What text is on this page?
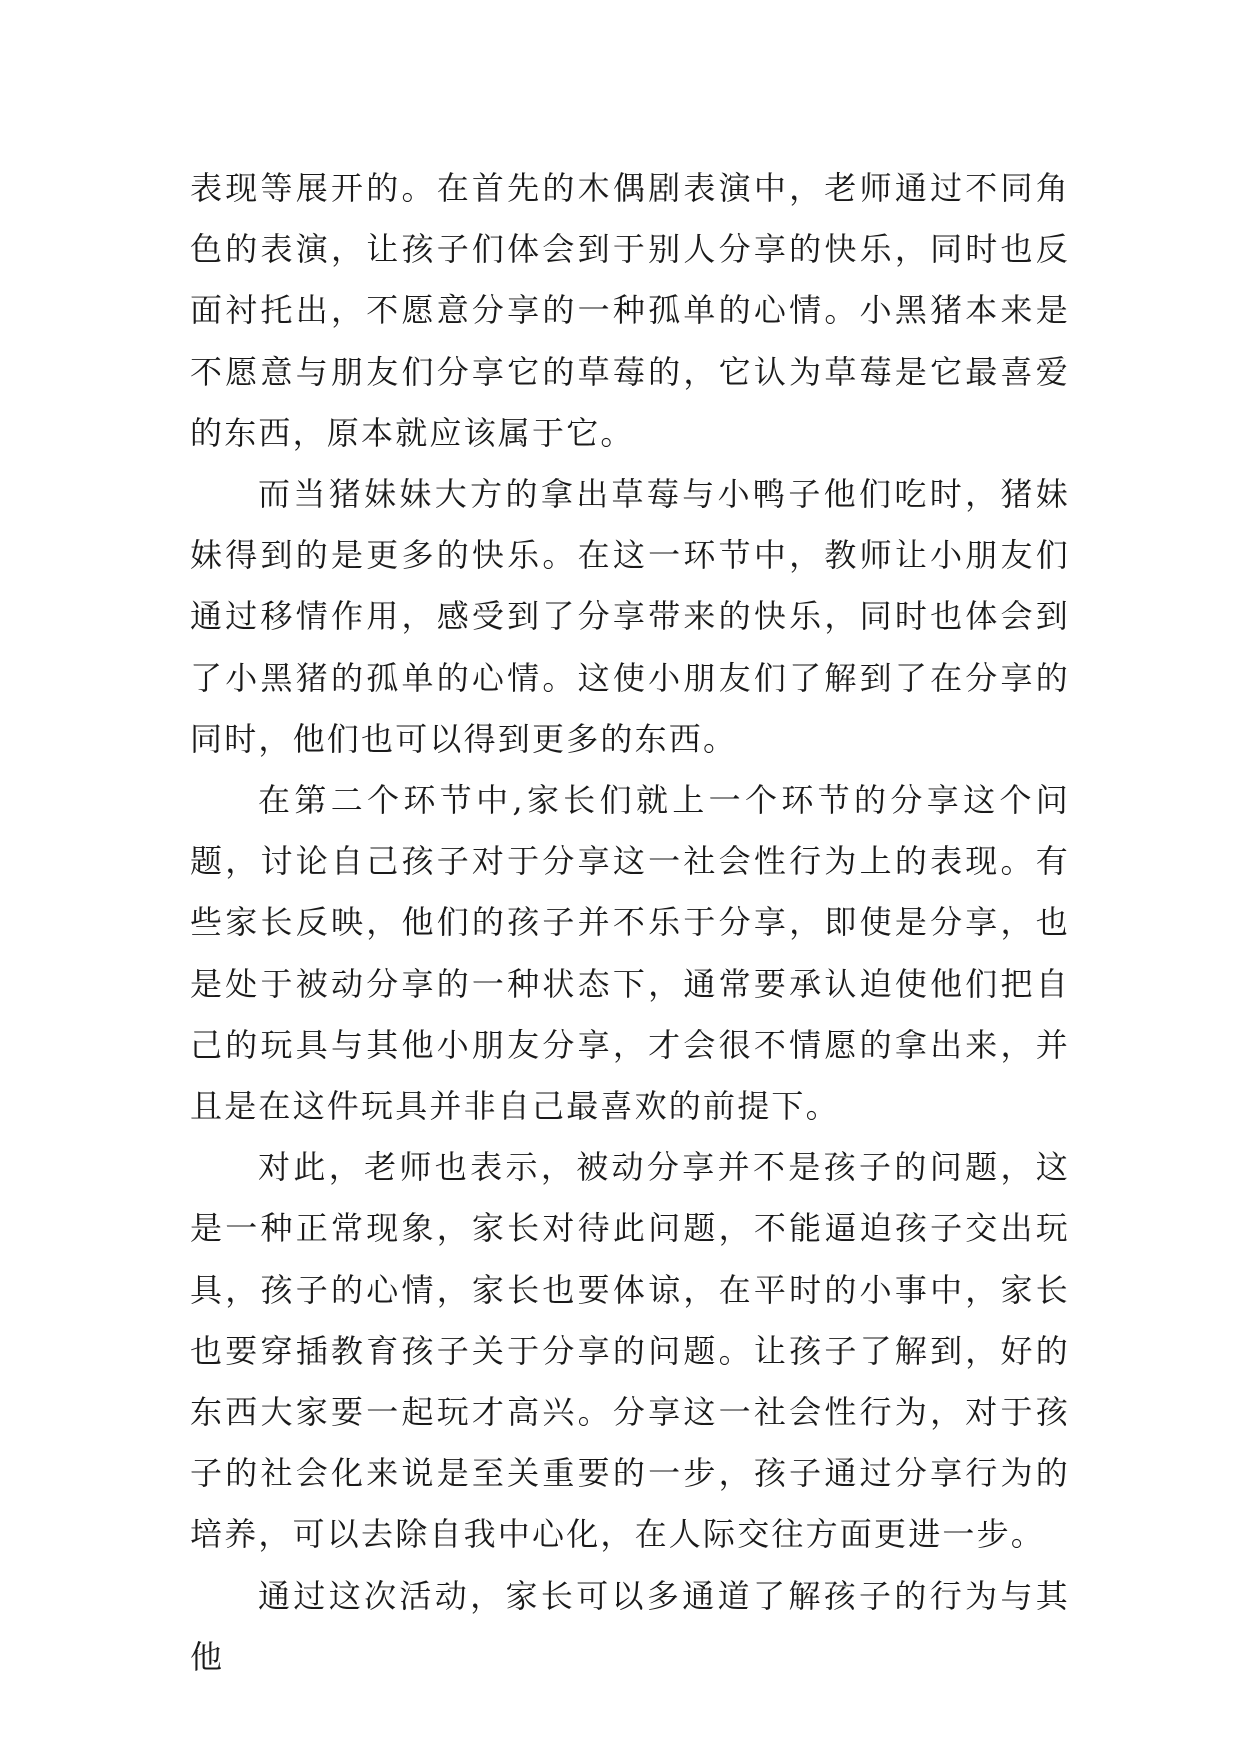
表现等展开的。在首先的木偶剧表演中，老师通过不同角色的表演，让孩子们体会到于别人分享的快乐，同时也反面衬托出，不愿意分享的一种孤单的心情。小黑猪本来是不愿意与朋友们分享它的草莓的，它认为草莓是它最喜爱的东西，原本就应该属于它。

而当猪妹妹大方的拿出草莓与小鸭子他们吃时，猪妹妹得到的是更多的快乐。在这一环节中，教师让小朋友们通过移情作用，感受到了分享带来的快乐，同时也体会到了小黑猪的孤单的心情。这使小朋友们了解到了在分享的同时，他们也可以得到更多的东西。

在第二个环节中,家长们就上一个环节的分享这个问题，讨论自己孩子对于分享这一社会性行为上的表现。有些家长反映，他们的孩子并不乐于分享，即使是分享，也是处于被动分享的一种状态下，通常要承认迫使他们把自己的玩具与其他小朋友分享，才会很不情愿的拿出来，并且是在这件玩具并非自己最喜欢的前提下。

对此，老师也表示，被动分享并不是孩子的问题，这是一种正常现象，家长对待此问题，不能逼迫孩子交出玩具，孩子的心情，家长也要体谅，在平时的小事中，家长也要穿插教育孩子关于分享的问题。让孩子了解到，好的东西大家要一起玩才高兴。分享这一社会性行为，对于孩子的社会化来说是至关重要的一步，孩子通过分享行为的培养，可以去除自我中心化，在人际交往方面更进一步。

通过这次活动，家长可以多通道了解孩子的行为与其他
